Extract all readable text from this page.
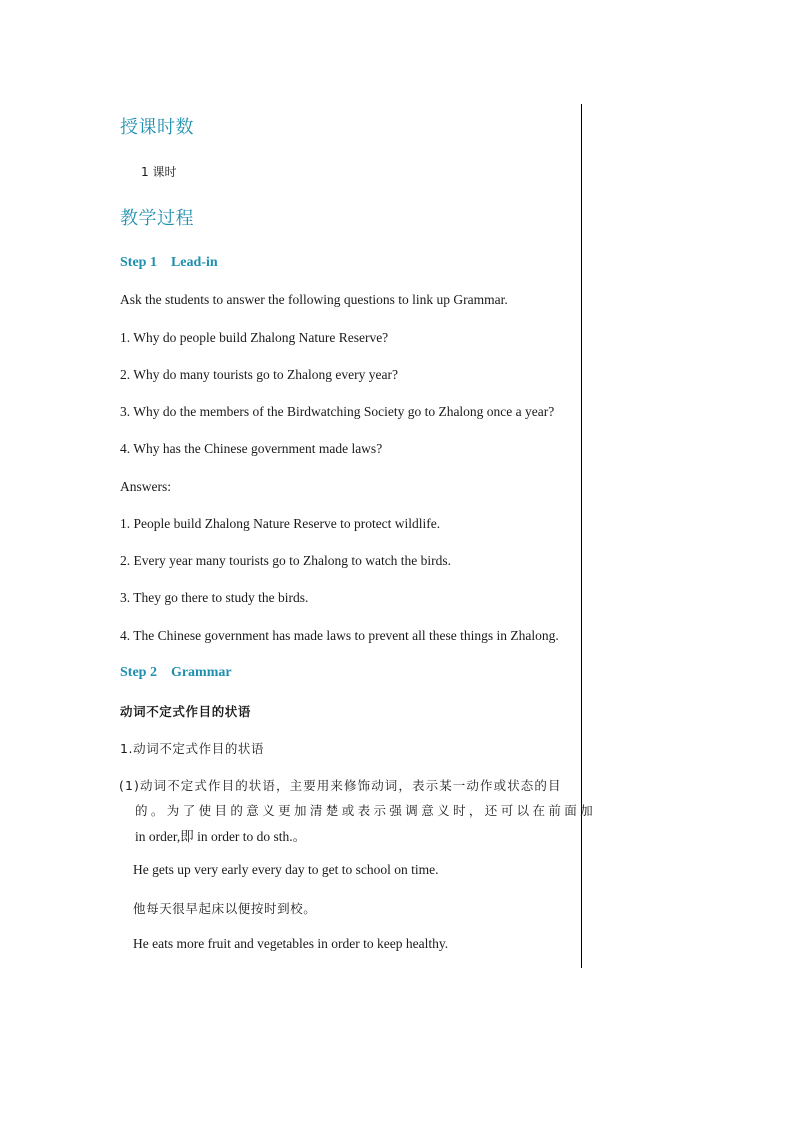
授课时数
1 课时
教学过程
Step 1 Lead-in
Ask the students to answer the following questions to link up Grammar.
1. Why do people build Zhalong Nature Reserve?
2. Why do many tourists go to Zhalong every year?
3. Why do the members of the Birdwatching Society go to Zhalong once a year?
4. Why has the Chinese government made laws?
Answers:
1. People build Zhalong Nature Reserve to protect wildlife.
2. Every year many tourists go to Zhalong to watch the birds.
3. They go there to study the birds.
4. The Chinese government has made laws to prevent all these things in Zhalong.
Step 2 Grammar
动词不定式作目的状语
1.动词不定式作目的状语
(1)动词不定式作目的状语，主要用来修饰动词，表示某一动作或状态的目
的。为了使目的意义更加清楚或表示强调意义时，还可以在前面加
in order,即 in order to do sth.。
He gets up very early every day to get to school on time.
他每天很早起床以便按时到校。
He eats more fruit and vegetables in order to keep healthy.
